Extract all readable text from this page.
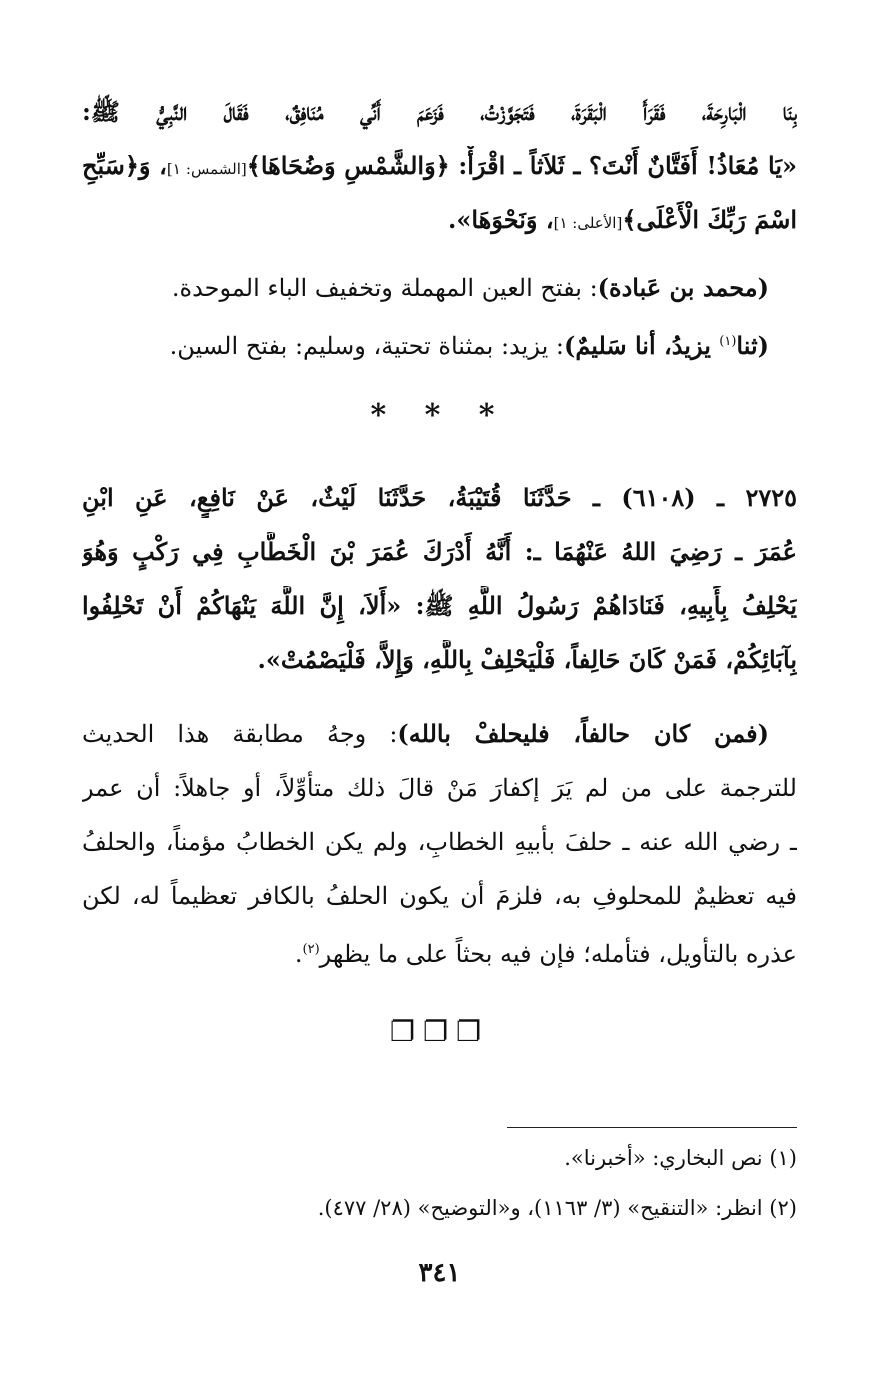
بِنَا الْبَارِحَةَ، فَقَرَأَ الْبَقَرَةَ، فَتَجَوَّزْتُ، فَزَعَمَ أَنِّي مُنَافِقٌ، فَقَالَ النَّبِيُّ ﷺ:
«يَا مُعَاذُ! أَفَتَّانٌ أَنْتَ؟ ـ ثَلاَثاً ـ اقْرَأْ: ﴿وَالشَّمْسِ وَضُحَاهَا﴾[الشمس: ١]، وَ﴿سَبِّحِ
اسْمَ رَبِّكَ الْأَعْلَى﴾[الأعلى: ١]، وَنَحْوَهَا».
(محمد بن عَبادة): بفتح العين المهملة وتخفيف الباء الموحدة.
(ثنا$^{(١)}$ يزيدُ، أنا سَليمٌ): يزيد: بمثناة تحتية، وسليم: بفتح السين.
* * *
٢٧٢٥ ـ (٦١٠٨) ـ حَدَّثَنَا قُتَيْبَةُ، حَدَّثَنَا لَيْثٌ، عَنْ نَافِعٍ، عَنِ ابْنِ
عُمَرَ ـ رَضِيَ اللهُ عَنْهُمَا ـ: أَنَّهُ أَدْرَكَ عُمَرَ بْنَ الْخَطَّابِ فِي رَكْبٍ وَهُوَ
يَحْلِفُ بِأَبِيهِ، فَنَادَاهُمْ رَسُولُ اللَّهِ ﷺ: «أَلاَ، إِنَّ اللَّهَ يَنْهَاكُمْ أَنْ تَحْلِفُوا
بِآبَائِكُمْ، فَمَنْ كَانَ حَالِفاً، فَلْيَحْلِفْ بِاللَّهِ، وَإِلاَّ، فَلْيَصْمُتْ».
(فمن كان حالفاً، فليحلفْ بالله): وجهُ مطابقة هذا الحديث
للترجمة على من لم يَرَ إكفارَ مَنْ قالَ ذلك متأوِّلاً، أو جاهلاً: أن عمر
ـ رضي الله عنه ـ حلفَ بأبيهِ الخطابِ، ولم يكن الخطابُ مؤمناً، والحلفُ
فيه تعظيمٌ للمحلوفِ به، فلزمَ أن يكون الحلفُ بالكافر تعظيماً له، لكن
عذره بالتأويل، فتأمله؛ فإن فيه بحثاً على ما يظهر$^{(٢)}$.
❐❐❐
(١) نص البخاري: «أخبرنا».
(٢) انظر: «التنقيح» (٣/ ١١٦٣)، و«التوضيح» (٢٨/ ٤٧٧).
٣٤١
